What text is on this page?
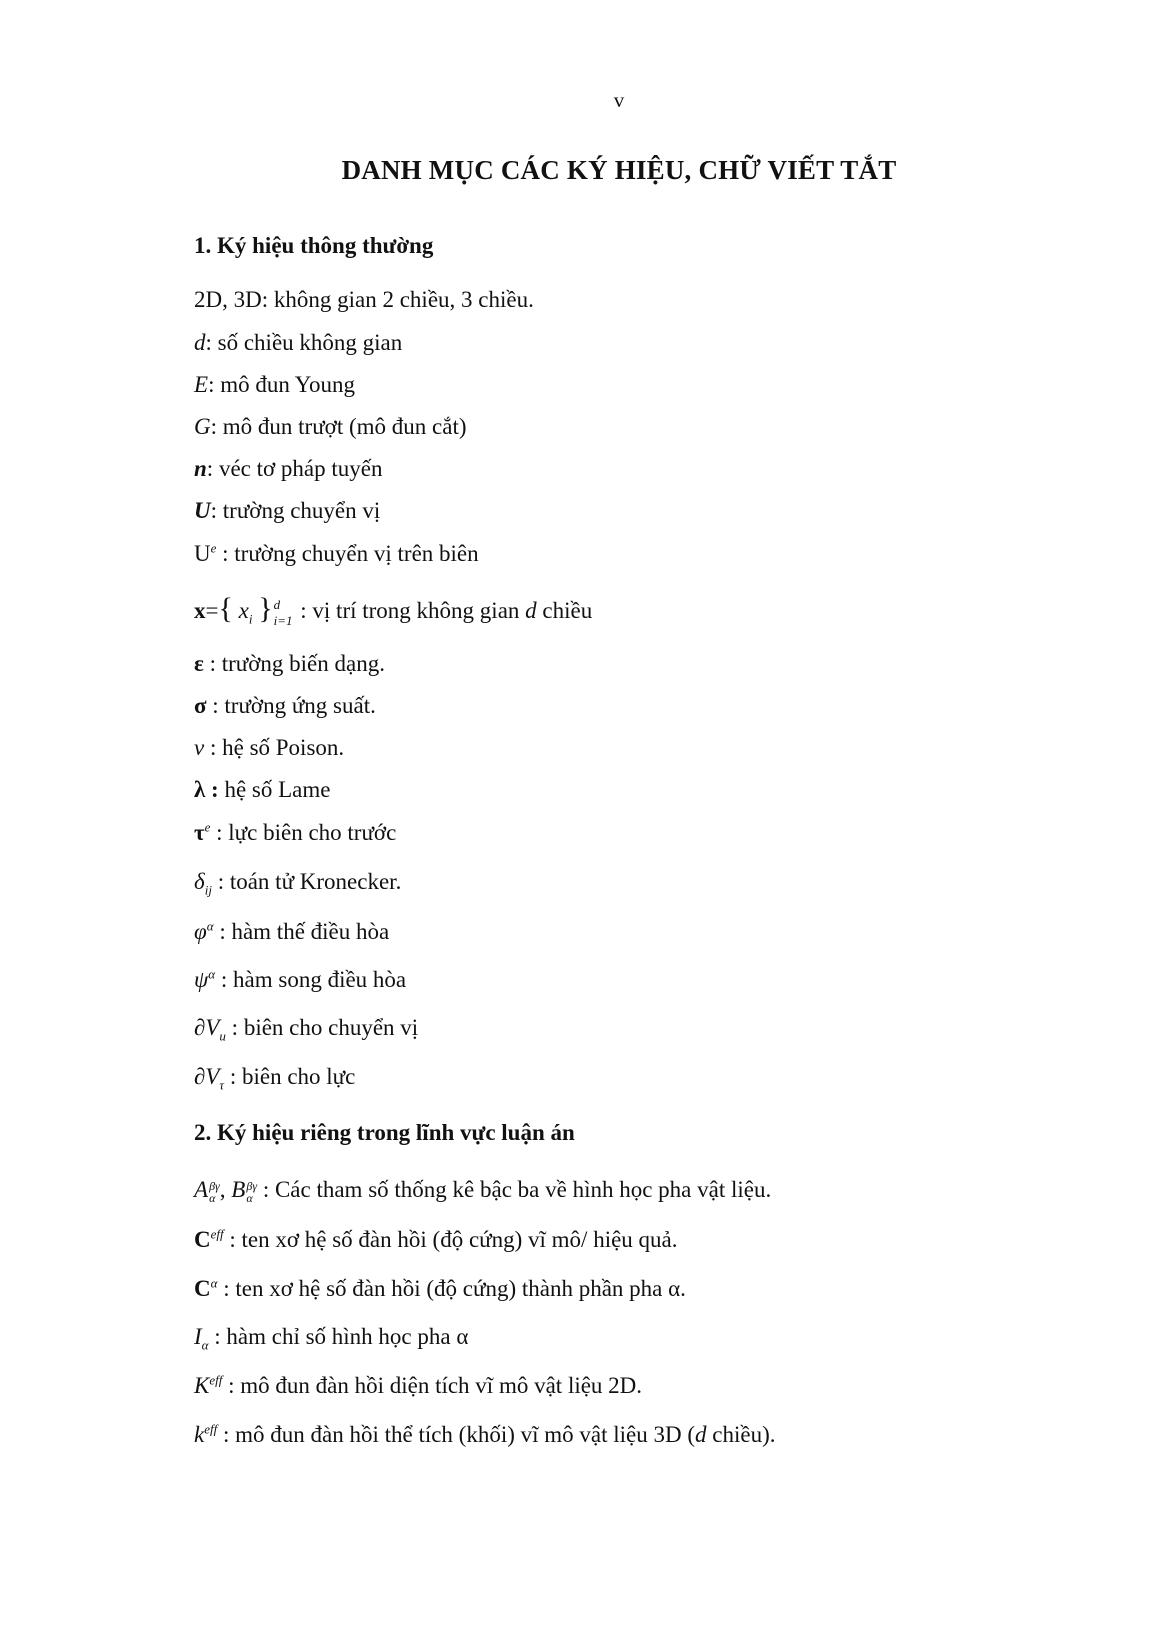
v
DANH MỤC CÁC KÝ HIỆU, CHỮ VIẾT TẮT
1. Ký hiệu thông thường
2D, 3D: không gian 2 chiều, 3 chiều.
d: số chiều không gian
E: mô đun Young
G: mô đun trượt (mô đun cắt)
n: véc tơ pháp tuyến
U: trường chuyển vị
$U^e$ : trường chuyển vị trên biên
x={ $x_i$ } d
i=1 : vị trí trong không gian d chiều
ε : trường biến dạng.
σ : trường ứng suất.
ν : hệ số Poison.
λ : hệ số Lame
$\tau^e$ : lực biên cho trước
$\delta_{ij}$ : toán tử Kronecker.
$\varphi^\alpha$ : hàm thế điều hòa
$\psi^\alpha$ : hàm song điều hòa
$\partial V_u$ : biên cho chuyển vị
$\partial V_\tau$ : biên cho lực
2. Ký hiệu riêng trong lĩnh vực luận án
A βγ
α , B βγ
α : Các tham số thống kê bậc ba về hình học pha vật liệu.
$C^{eff}$ : ten xơ hệ số đàn hồi (độ cứng) vĩ mô/ hiệu quả.
$C^\alpha$ : ten xơ hệ số đàn hồi (độ cứng) thành phần pha α.
$I_\alpha$ : hàm chỉ số hình học pha α
$K^{eff}$ : mô đun đàn hồi diện tích vĩ mô vật liệu 2D.
$k^{eff}$ : mô đun đàn hồi thể tích (khối) vĩ mô vật liệu 3D (d chiều).
